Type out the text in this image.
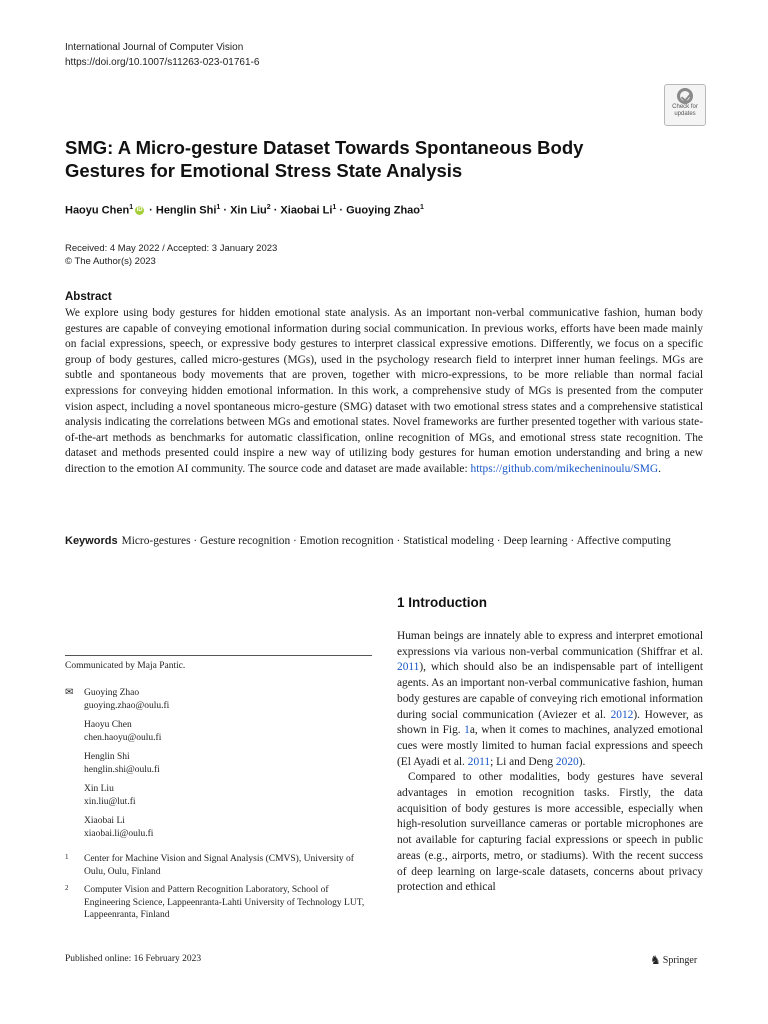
International Journal of Computer Vision
https://doi.org/10.1007/s11263-023-01761-6
Check for
updates
SMG: A Micro-gesture Dataset Towards Spontaneous Body Gestures for Emotional Stress State Analysis
Haoyu Chen$^1$ iD · Henglin Shi$^1$ · Xin Liu$^2$ · Xiaobai $Li^1$ · Guoying Zhao$^1$
Received: 4 May 2022 / Accepted: 3 January 2023
© The Author(s) 2023
Abstract

We explore using body gestures for hidden emotional state analysis. As an important non-verbal communicative fashion, human body gestures are capable of conveying emotional information during social communication. In previous works, efforts have been made mainly on facial expressions, speech, or expressive body gestures to interpret classical expressive emotions. Differently, we focus on a specific group of body gestures, called micro-gestures (MGs), used in the psychology research field to interpret inner human feelings. MGs are subtle and spontaneous body movements that are proven, together with micro-expressions, to be more reliable than normal facial expressions for conveying hidden emotional information. In this work, a comprehensive study of MGs is presented from the computer vision aspect, including a novel spontaneous micro-gesture (SMG) dataset with two emotional stress states and a comprehensive statistical analysis indicating the correlations between MGs and emotional states. Novel frameworks are further presented together with various state-of-the-art methods as benchmarks for automatic classification, online recognition of MGs, and emotional stress state recognition. The dataset and methods presented could inspire a new way of utilizing body gestures for human emotion understanding and bring a new direction to the emotion AI community. The source code and dataset are made available: https://github.com/mikecheninoulu/SMG.

Keywords Micro-gestures · Gesture recognition · Emotion recognition · Statistical modeling · Deep learning · Affective computing

1 Introduction

Human beings are innately able to express and interpret emotional expressions via various non-verbal communication (Shiffrar et al. 2011), which should also be an indispensable part of intelligent agents. As an important non-verbal communicative fashion, human body gestures are capable of conveying rich emotional information during social communication (Aviezer et al. 2012). However, as shown in Fig. 1a, when it comes to machines, analyzed emotional cues were mostly limited to human facial expressions and speech (El Ayadi et al. 2011; Li and Deng 2020).

Compared to other modalities, body gestures have several advantages in emotion recognition tasks. Firstly, the data acquisition of body gestures is more accessible, especially when high-resolution surveillance cameras or portable microphones are not available for capturing facial expressions or speech in public areas (e.g., airports, metro, or stadiums). With the recent success of deep learning on large-scale datasets, concerns about privacy protection and ethical

Communicated by Maja Pantic.
✉ Guoying Zhao
guoying.zhao@oulu.fi
Haoyu Chen
chen.haoyu@oulu.fi
Henglin Shi
henglin.shi@oulu.fi
Xin Liu
xin.liu@lut.fi
Xiaobai Li
xiaobai.li@oulu.fi
1 Center for Machine Vision and Signal Analysis (CMVS), University of Oulu, Oulu, Finland
2 Computer Vision and Pattern Recognition Laboratory, School of Engineering Science, Lappeenranta-Lahti University of Technology LUT, Lappeenranta, Finland
Published online: 16 February 2023	♞ Springer
